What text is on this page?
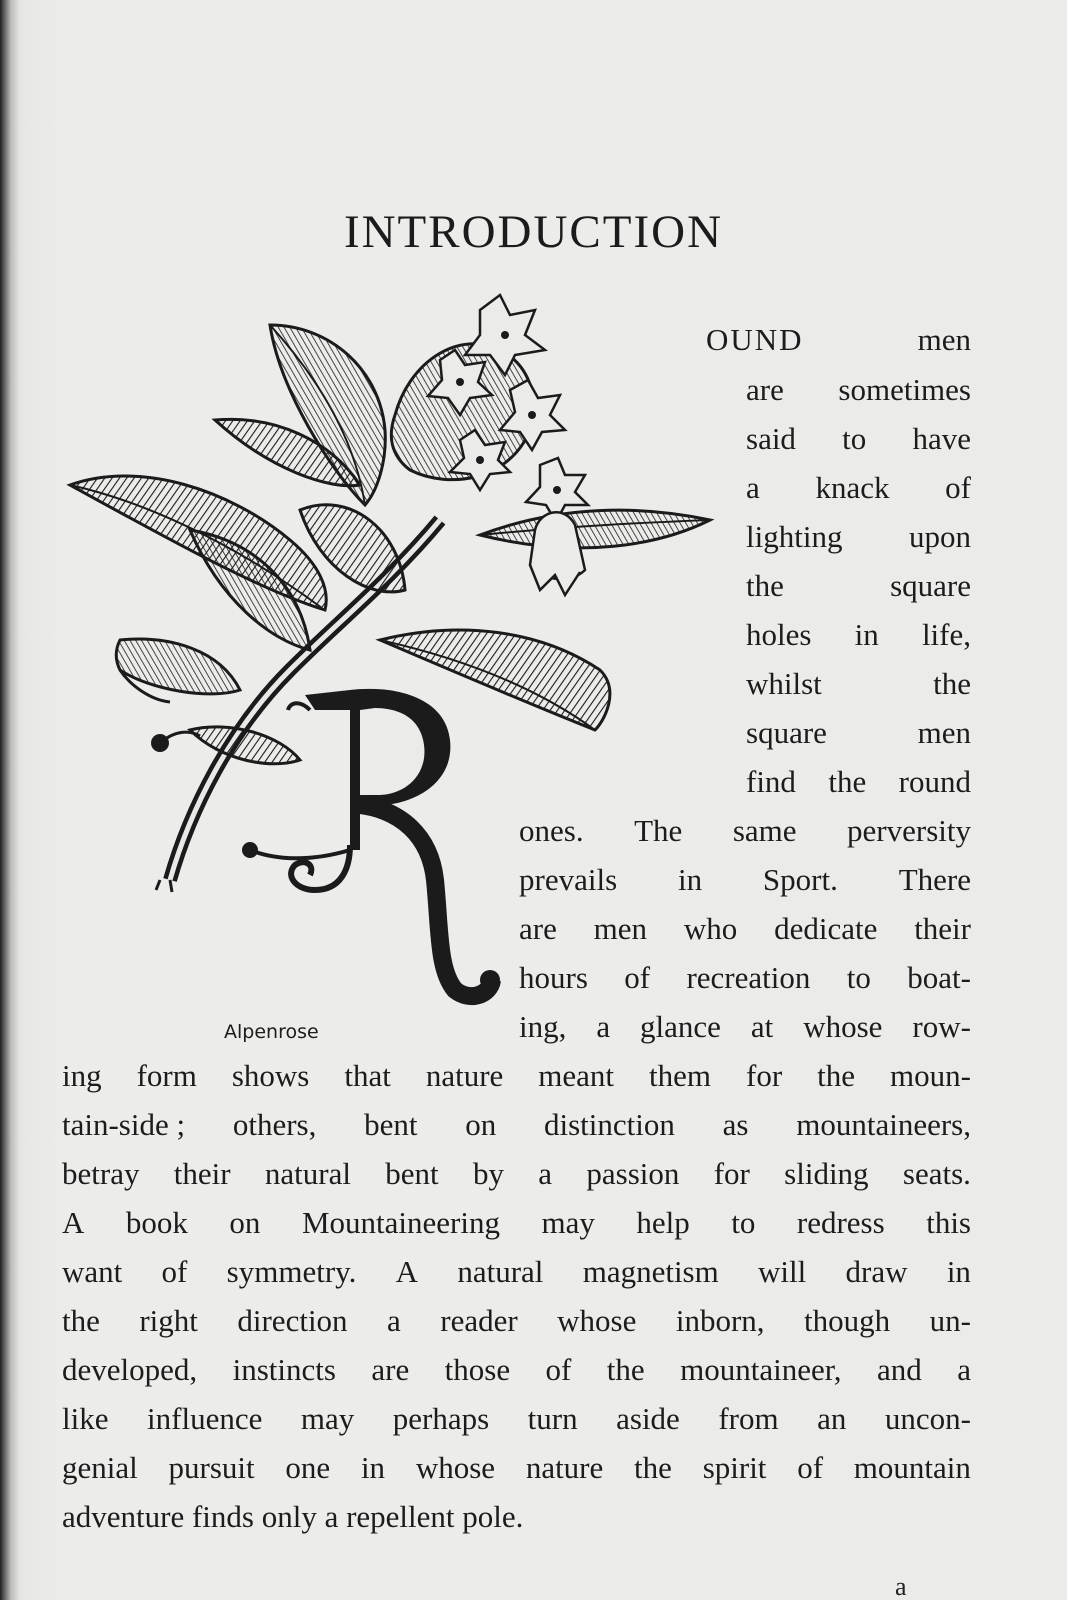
INTRODUCTION
Alpenrose
OUND	men
are sometimes
said to have
a knack of
lighting upon
the	square
holes in life,
whilst	the
square	men
find the round
ones. The same perversity
prevails in Sport. There
are men who dedicate their
hours of recreation to boat-
ing, a glance at whose row-
ing form shows that nature meant them for the moun-
tain-side ; others, bent on distinction as mountaineers,
betray their natural bent by a passion for sliding seats.
A book on Mountaineering may help to redress this
want of symmetry. A natural magnetism will draw in
the right direction a reader whose inborn, though un-
developed, instincts are those of the mountaineer, and a
like influence may perhaps turn aside from an uncon-
genial pursuit one in whose nature the spirit of mountain
adventure finds only a repellent pole.
a
